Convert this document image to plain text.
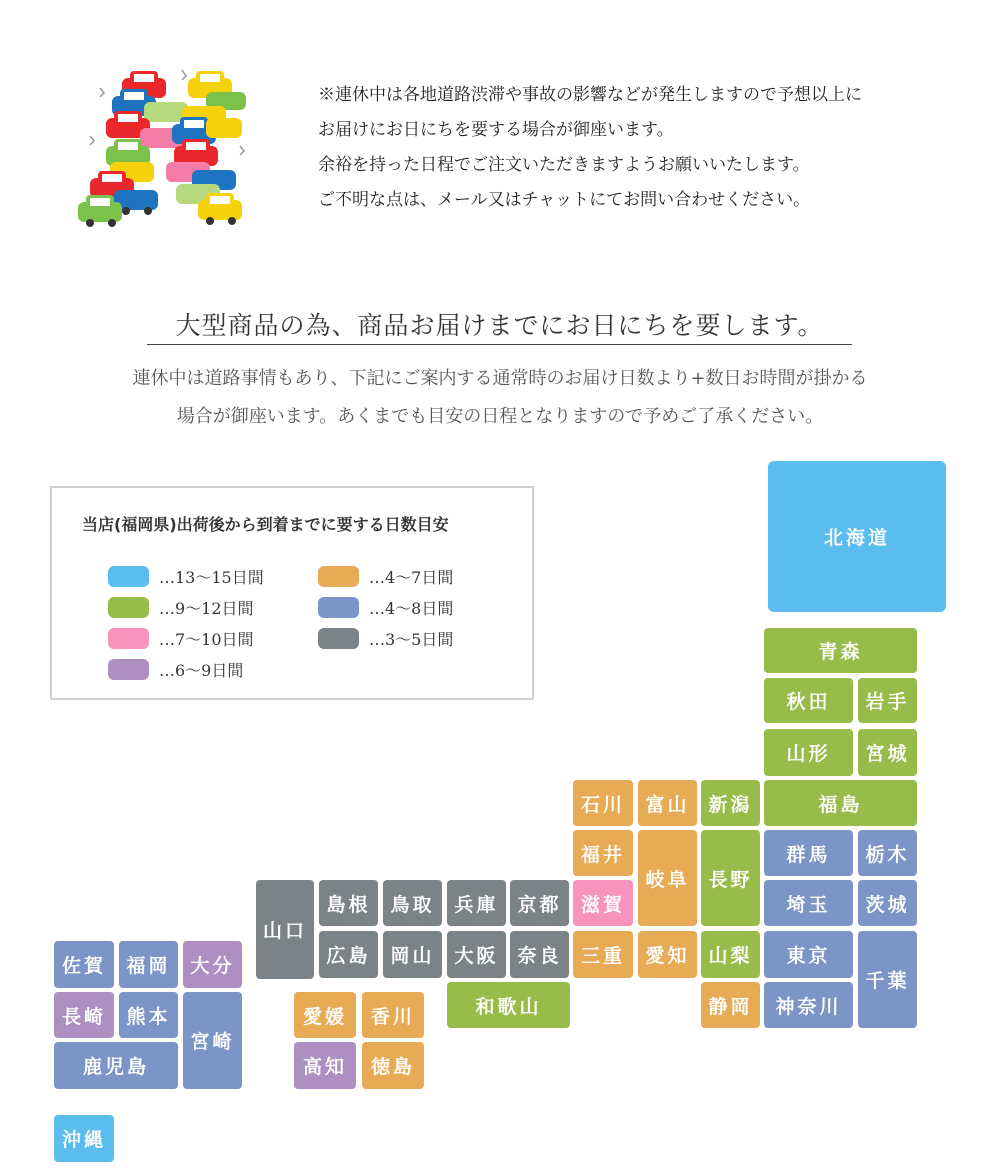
※連休中は各地道路渋滞や事故の影響などが発生しますので予想以上に

お届けにお日にちを要する場合が御座います。

余裕を持った日程でご注文いただきますようお願いいたします。

ご不明な点は、メール又はチャットにてお問い合わせください。

大型商品の為、商品お届けまでにお日にちを要します。

連休中は道路事情もあり、下記にご案内する通常時のお届け日数より+数日お時間が掛かる

場合が御座います。あくまでも目安の日程となりますので予めご了承ください。

当店(福岡県)出荷後から到着までに要する日数目安
…13〜15日間
…9〜12日間
…7〜10日間
…6〜9日間
…4〜7日間
…4〜8日間
…3〜5日間
北海道
青森
秋田	岩手
山形	宮城
石川	富山 新潟	福島
福井
岐阜 長野
群馬	栃木
山口
島根	鳥取	兵庫 京都	滋賀	埼玉	茨城
広島	岡山	大阪 奈良	三重	愛知 山梨	東京
千葉
和歌山	静岡	神奈川
佐賀	福岡	大分
愛媛	香川
長崎	熊本
宮崎
高知	徳島
鹿児島
沖縄
